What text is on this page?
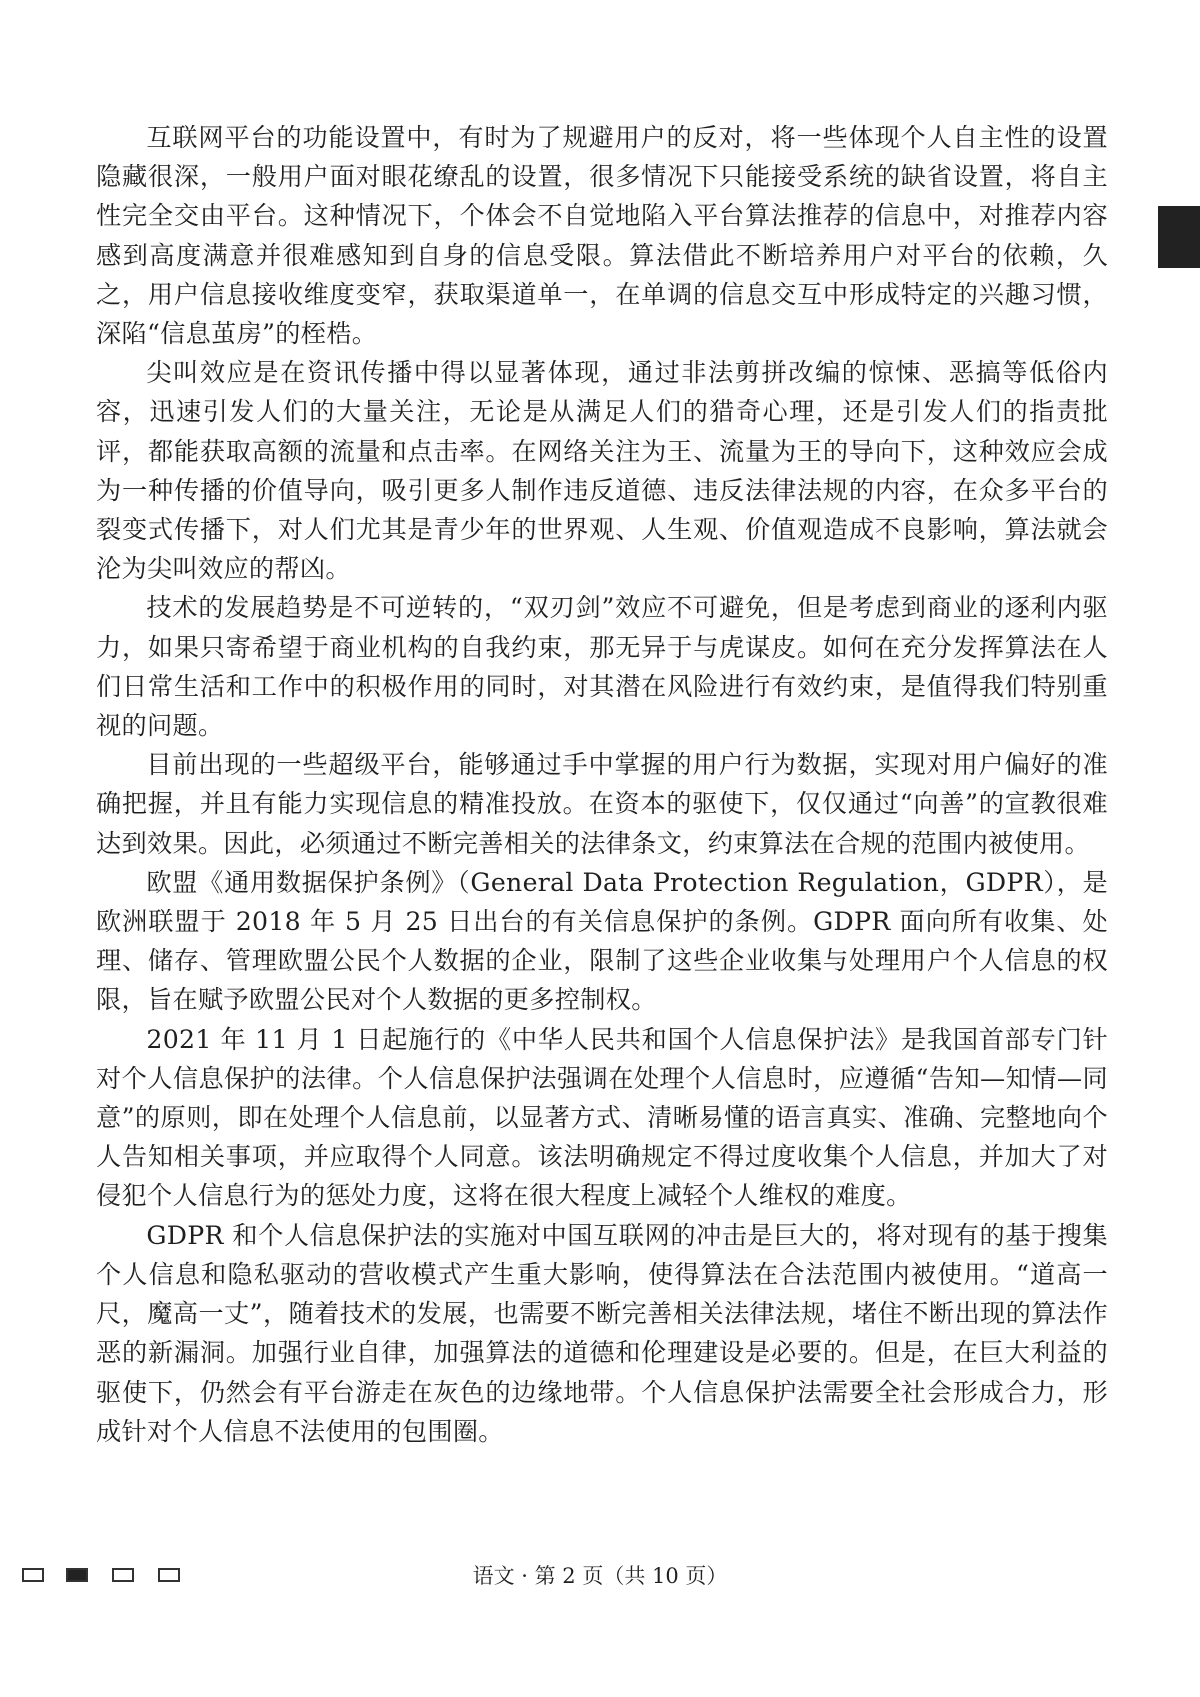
互联网平台的功能设置中，有时为了规避用户的反对，将一些体现个人自主性的设置隐藏很深，一般用户面对眼花缭乱的设置，很多情况下只能接受系统的缺省设置，将自主性完全交由平台。这种情况下，个体会不自觉地陷入平台算法推荐的信息中，对推荐内容感到高度满意并很难感知到自身的信息受限。算法借此不断培养用户对平台的依赖，久之，用户信息接收维度变窄，获取渠道单一，在单调的信息交互中形成特定的兴趣习惯，深陷“信息茧房”的桎梏。

尖叫效应是在资讯传播中得以显著体现，通过非法剪拼改编的惊悚、恶搞等低俗内容，迅速引发人们的大量关注，无论是从满足人们的猎奇心理，还是引发人们的指责批评，都能获取高额的流量和点击率。在网络关注为王、流量为王的导向下，这种效应会成为一种传播的价值导向，吸引更多人制作违反道德、违反法律法规的内容，在众多平台的裂变式传播下，对人们尤其是青少年的世界观、人生观、价值观造成不良影响，算法就会沦为尖叫效应的帮凶。

技术的发展趋势是不可逆转的，“双刃剑”效应不可避免，但是考虑到商业的逐利内驱力，如果只寄希望于商业机构的自我约束，那无异于与虎谋皮。如何在充分发挥算法在人们日常生活和工作中的积极作用的同时，对其潜在风险进行有效约束，是值得我们特别重视的问题。

目前出现的一些超级平台，能够通过手中掌握的用户行为数据，实现对用户偏好的准确把握，并且有能力实现信息的精准投放。在资本的驱使下，仅仅通过“向善”的宣教很难达到效果。因此，必须通过不断完善相关的法律条文，约束算法在合规的范围内被使用。

欧盟《通用数据保护条例》（General Data Protection Regulation，GDPR），是欧洲联盟于 2018 年 5 月 25 日出台的有关信息保护的条例。GDPR 面向所有收集、处理、储存、管理欧盟公民个人数据的企业，限制了这些企业收集与处理用户个人信息的权限，旨在赋予欧盟公民对个人数据的更多控制权。

2021 年 11 月 1 日起施行的《中华人民共和国个人信息保护法》是我国首部专门针对个人信息保护的法律。个人信息保护法强调在处理个人信息时，应遵循“告知—知情—同意”的原则，即在处理个人信息前，以显著方式、清晰易懂的语言真实、准确、完整地向个人告知相关事项，并应取得个人同意。该法明确规定不得过度收集个人信息，并加大了对侵犯个人信息行为的惩处力度，这将在很大程度上减轻个人维权的难度。

GDPR 和个人信息保护法的实施对中国互联网的冲击是巨大的，将对现有的基于搜集个人信息和隐私驱动的营收模式产生重大影响，使得算法在合法范围内被使用。“道高一尺，魔高一丈”，随着技术的发展，也需要不断完善相关法律法规，堵住不断出现的算法作恶的新漏洞。加强行业自律，加强算法的道德和伦理建设是必要的。但是，在巨大利益的驱使下，仍然会有平台游走在灰色的边缘地带。个人信息保护法需要全社会形成合力，形成针对个人信息不法使用的包围圈。

语文 · 第 2 页（共 10 页）
